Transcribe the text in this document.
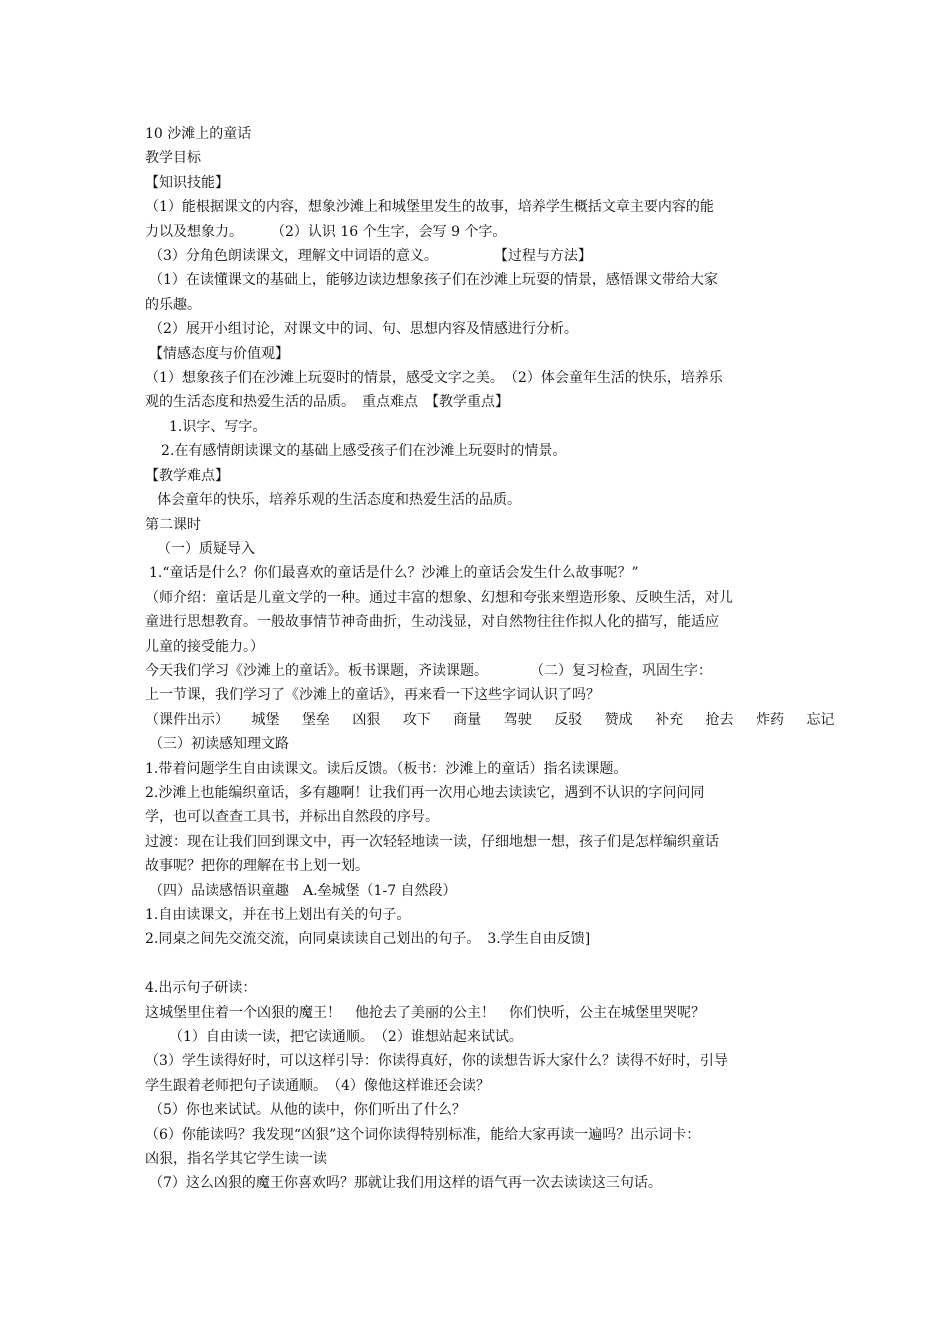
10 沙滩上的童话
教学目标
【知识技能】
（1）能根据课文的内容，想象沙滩上和城堡里发生的故事，培养学生概括文章主要内容的能
力以及想象力。　　　（2）认识 16 个生字，会写 9 个字。
（3）分角色朗读课文，理解文中词语的意义。　　　　　【过程与方法】
（1）在读懂课文的基础上，能够边读边想象孩子们在沙滩上玩耍的情景，感悟课文带给大家
的乐趣。
（2）展开小组讨论，对课文中的词、句、思想内容及情感进行分析。
【情感态度与价值观】
（1）想象孩子们在沙滩上玩耍时的情景，感受文字之美。　（2）体会童年生活的快乐，培养乐
观的生活态度和热爱生活的品质。　重点难点　【教学重点】
1.识字、写字。
2.在有感情朗读课文的基础上感受孩子们在沙滩上玩耍时的情景。
【教学难点】
体会童年的快乐，培养乐观的生活态度和热爱生活的品质。
第二课时
（一）质疑导入
1.“童话是什么？你们最喜欢的童话是什么？沙滩上的童话会发生什么故事呢？”
（师介绍：童话是儿童文学的一种。通过丰富的想象、幻想和夸张来塑造形象、反映生活，对儿
童进行思想教育。一般故事情节神奇曲折，生动浅显，对自然物往往作拟人化的描写，能适应
儿童的接受能力。）
今天我们学习《沙滩上的童话》。板书课题，齐读课题。　　　　（二）复习检查，巩固生字：
上一节课，我们学习了《沙滩上的童话》，再来看一下这些字词认识了吗？
（课件出示） 城堡 堡垒 凶狠 攻下 商量 驾驶 反驳 赞成 补充 抢去 炸药 忘记
（三）初读感知理文路
1.带着问题学生自由读课文。读后反馈。（板书：沙滩上的童话）指名读课题。
2.沙滩上也能编织童话，多有趣啊！让我们再一次用心地去读读它，遇到不认识的字问问同
学，也可以查查工具书，并标出自然段的序号。
过渡：现在让我们回到课文中，再一次轻轻地读一读，仔细地想一想，孩子们是怎样编织童话
故事呢？把你的理解在书上划一划。
（四）品读感悟识童趣　A.垒城堡（1-7 自然段）
1.自由读课文，并在书上划出有关的句子。
2.同桌之间先交流交流，向同桌读读自己划出的句子。　3.学生自由反馈]
4.出示句子研读：
这城堡里住着一个凶狠的魔王！　他抢去了美丽的公主！　你们快听，公主在城堡里哭呢？
（1）自由读一读，把它读通顺。　（2）谁想站起来试试。
（3）学生读得好时，可以这样引导：你读得真好，你的读想告诉大家什么？读得不好时，引导
学生跟着老师把句子读通顺。　（4）像他这样谁还会读？
（5）你也来试试。从他的读中，你们听出了什么？
（6）你能读吗？我发现“凶狠”这个词你读得特别标准，能给大家再读一遍吗？出示词卡：
凶狠，指名学其它学生读一读
（7）这么凶狠的魔王你喜欢吗？那就让我们用这样的语气再一次去读读这三句话。
